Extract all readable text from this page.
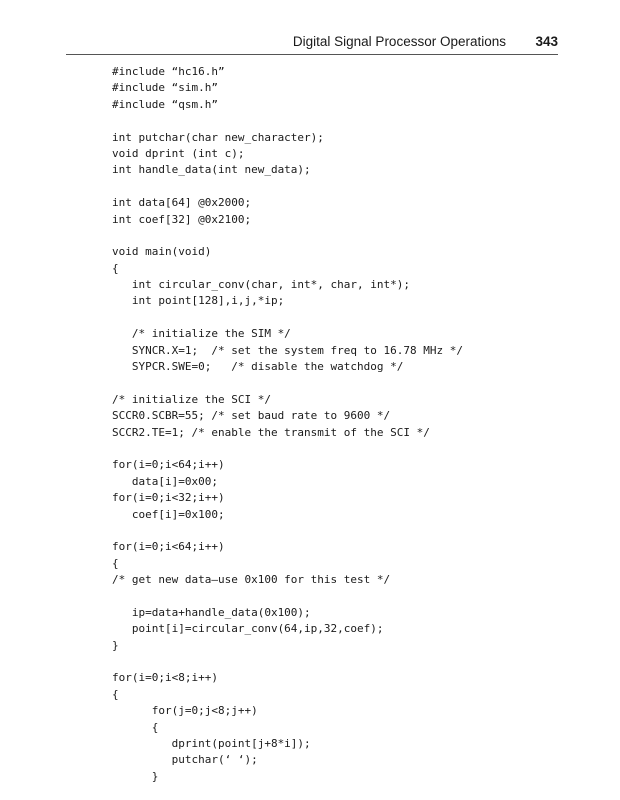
Digital Signal Processor Operations 343
#include “hc16.h”
#include “sim.h”
#include “qsm.h”
int putchar(char new_character);
void dprint (int c);
int handle_data(int new_data);
int data[64] @0x2000;
int coef[32] @0x2100;
void main(void)
{
int circular_conv(char, int*, char, int*);
int point[128],i,j,*ip;
/* initialize the SIM */
SYNCR.X=1;  /* set the system freq to 16.78 MHz */
SYPCR.SWE=0;   /* disable the watchdog */
/* initialize the SCI */
SCCR0.SCBR=55; /* set baud rate to 9600 */
SCCR2.TE=1; /* enable the transmit of the SCI */
for(i=0;i<64;i++)
data[i]=0x00;
for(i=0;i<32;i++)
coef[i]=0x100;
for(i=0;i<64;i++)
{
/* get new data—use 0x100 for this test */
ip=data+handle_data(0x100);
point[i]=circular_conv(64,ip,32,coef);
}
for(i=0;i<8;i++)
{
for(j=0;j<8;j++)
{
dprint(point[j+8*i]);
putchar(‘ ‘);
}
